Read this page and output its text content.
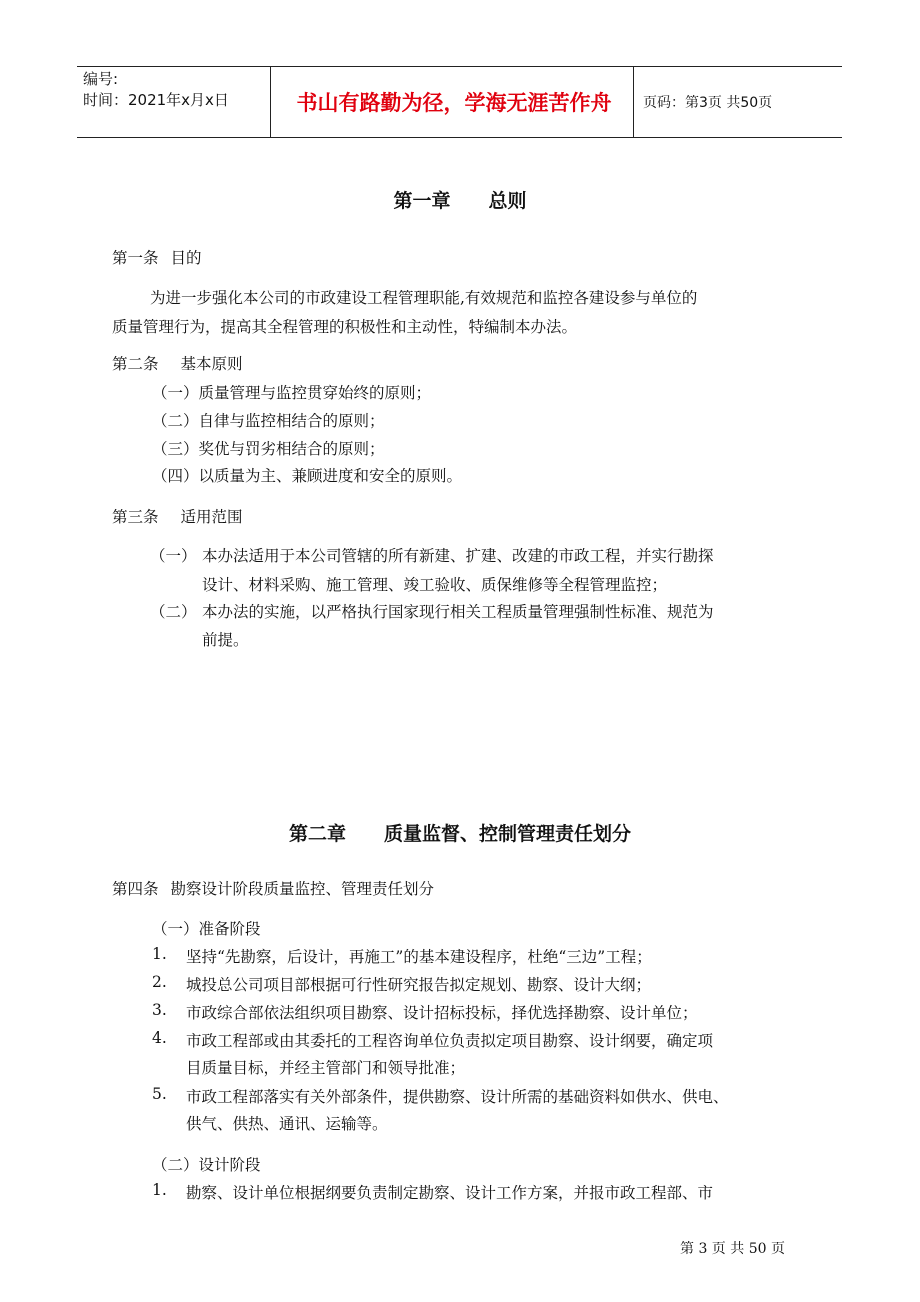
编号:
时间：2021年x月x日	书山有路勤为径，学海无涯苦作舟	页码：第3页 共50页
第一章 总则
第一条 目的
为进一步强化本公司的市政建设工程管理职能,有效规范和监控各建设参与单位的
质量管理行为，提高其全程管理的积极性和主动性，特编制本办法。
第二条 基本原则
（一）质量管理与监控贯穿始终的原则；
（二）自律与监控相结合的原则；
（三）奖优与罚劣相结合的原则；
（四）以质量为主、兼顾进度和安全的原则。
第三条 适用范围
（一） 本办法适用于本公司管辖的所有新建、扩建、改建的市政工程，并实行勘探
设计、材料采购、施工管理、竣工验收、质保维修等全程管理监控；
（二） 本办法的实施，以严格执行国家现行相关工程质量管理强制性标准、规范为
前提。
第二章 质量监督、控制管理责任划分
第四条 勘察设计阶段质量监控、管理责任划分
（一）准备阶段
1. 坚持“先勘察，后设计，再施工”的基本建设程序，杜绝“三边”工程；
2. 城投总公司项目部根据可行性研究报告拟定规划、勘察、设计大纲；
3. 市政综合部依法组织项目勘察、设计招标投标，择优选择勘察、设计单位；
4. 市政工程部或由其委托的工程咨询单位负责拟定项目勘察、设计纲要，确定项
目质量目标，并经主管部门和领导批准；
5. 市政工程部落实有关外部条件，提供勘察、设计所需的基础资料如供水、供电、
供气、供热、通讯、运输等。
（二）设计阶段
1. 勘察、设计单位根据纲要负责制定勘察、设计工作方案，并报市政工程部、市
第 3 页 共 50 页
